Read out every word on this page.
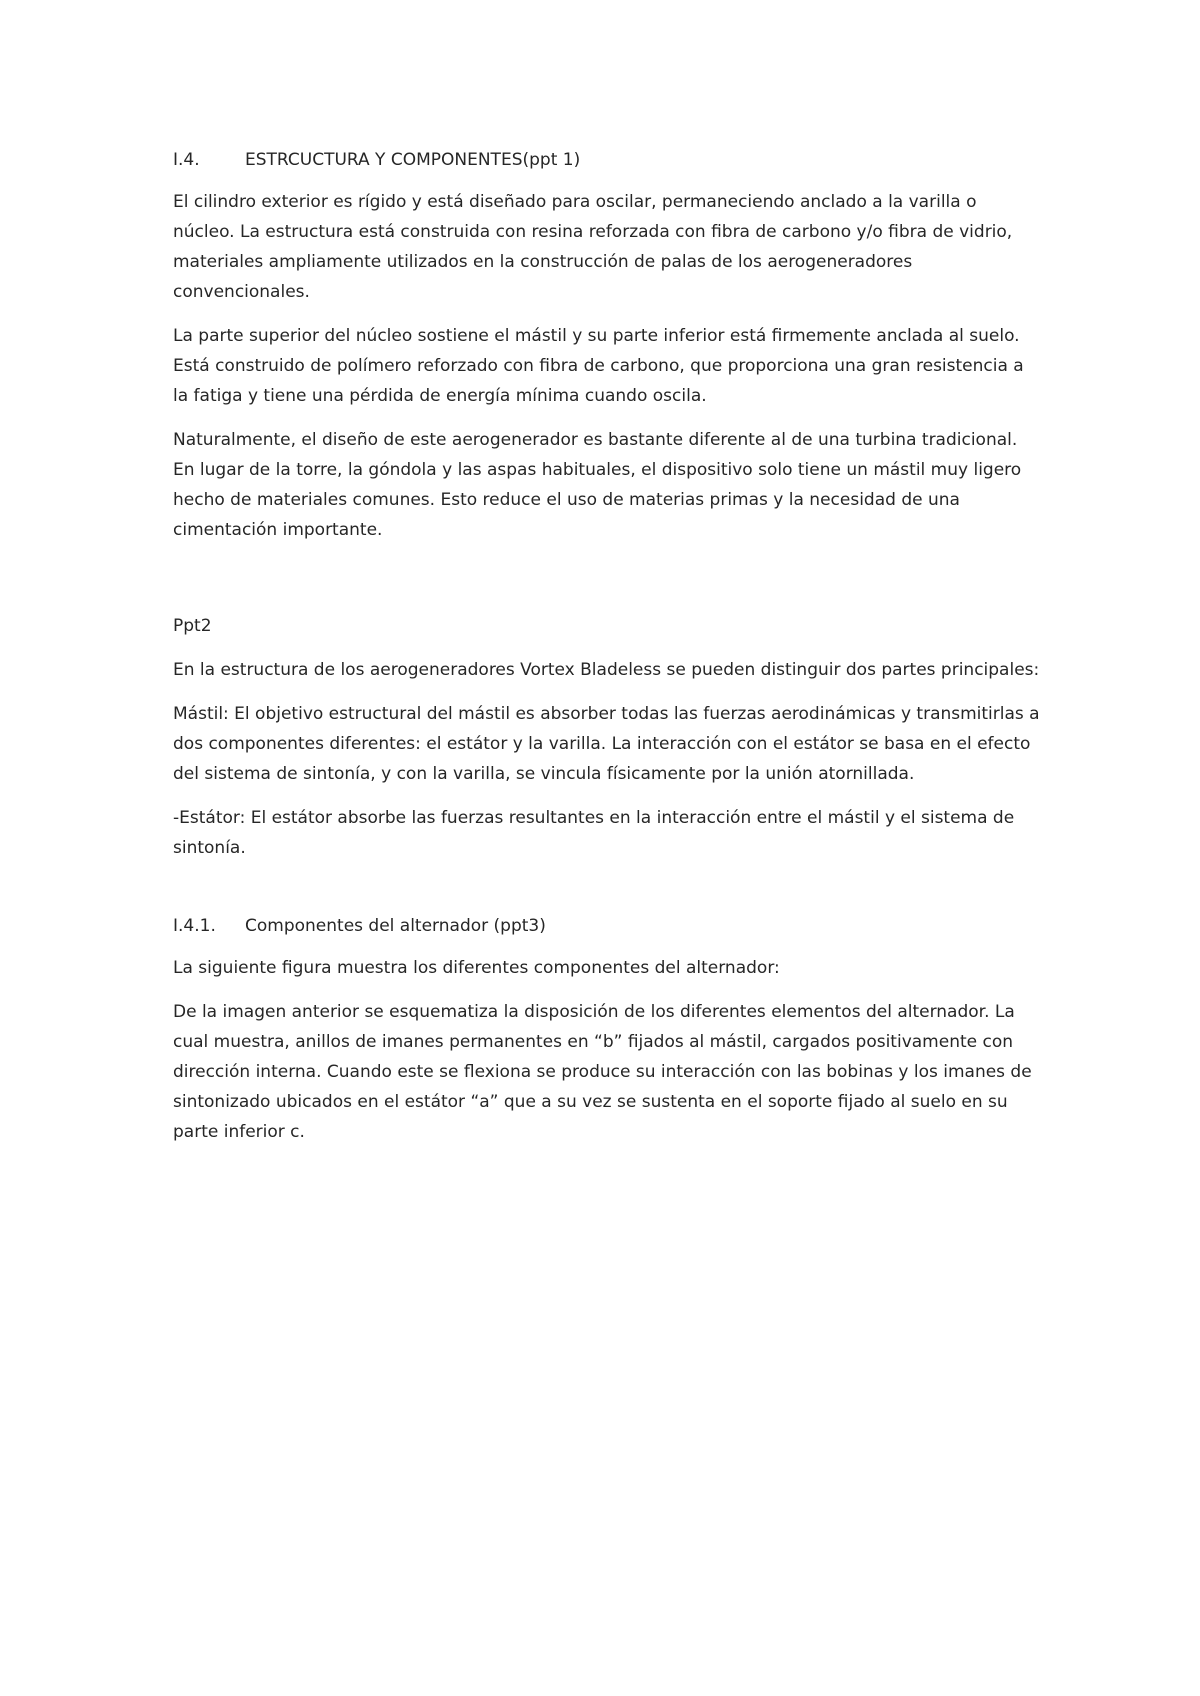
I.4.	ESTRCUCTURA Y COMPONENTES(ppt 1)

El cilindro exterior es rígido y está diseñado para oscilar, permaneciendo anclado a la varilla o núcleo. La estructura está construida con resina reforzada con fibra de carbono y/o fibra de vidrio, materiales ampliamente utilizados en la construcción de palas de los aerogeneradores convencionales.

La parte superior del núcleo sostiene el mástil y su parte inferior está firmemente anclada al suelo. Está construido de polímero reforzado con fibra de carbono, que proporciona una gran resistencia a la fatiga y tiene una pérdida de energía mínima cuando oscila.

Naturalmente, el diseño de este aerogenerador es bastante diferente al de una turbina tradicional. En lugar de la torre, la góndola y las aspas habituales, el dispositivo solo tiene un mástil muy ligero hecho de materiales comunes. Esto reduce el uso de materias primas y la necesidad de una cimentación importante.

Ppt2

En la estructura de los aerogeneradores Vortex Bladeless se pueden distinguir dos partes principales:

Mástil: El objetivo estructural del mástil es absorber todas las fuerzas aerodinámicas y transmitirlas a dos componentes diferentes: el estátor y la varilla. La interacción con el estátor se basa en el efecto del sistema de sintonía, y con la varilla, se vincula físicamente por la unión atornillada.

-Estátor: El estátor absorbe las fuerzas resultantes en la interacción entre el mástil y el sistema de sintonía.

I.4.1.	Componentes del alternador (ppt3)

La siguiente figura muestra los diferentes componentes del alternador:

De la imagen anterior se esquematiza la disposición de los diferentes elementos del alternador. La cual muestra, anillos de imanes permanentes en “b” fijados al mástil, cargados positivamente con dirección interna. Cuando este se flexiona se produce su interacción con las bobinas y los imanes de sintonizado ubicados en el estátor “a” que a su vez se sustenta en el soporte fijado al suelo en su parte inferior c.
